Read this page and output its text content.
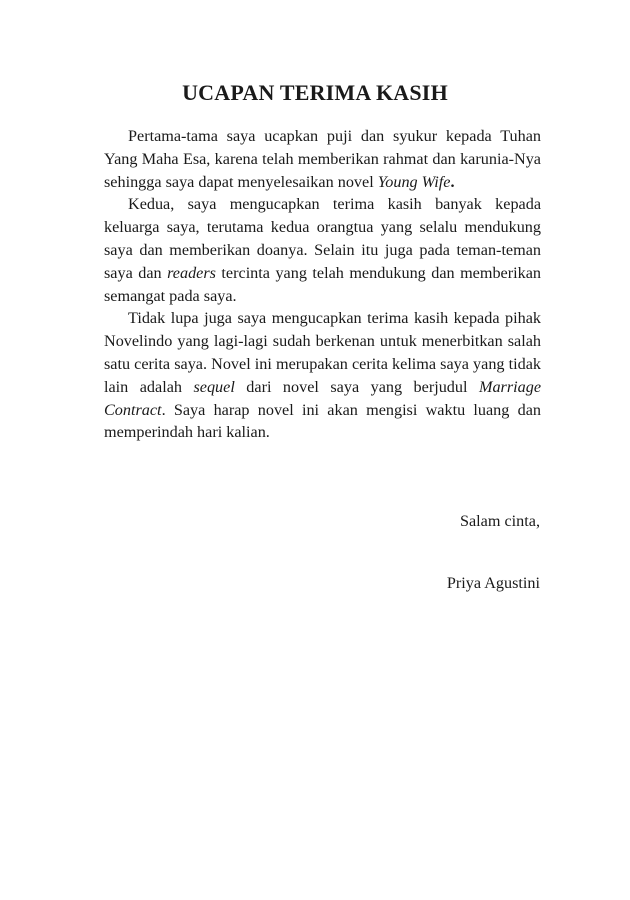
UCAPAN TERIMA KASIH

Pertama-tama saya ucapkan puji dan syukur kepada Tuhan Yang Maha Esa, karena telah memberikan rahmat dan karunia-Nya sehingga saya dapat menyelesaikan novel Young Wife.

Kedua, saya mengucapkan terima kasih banyak kepada keluarga saya, terutama kedua orangtua yang selalu mendukung saya dan memberikan doanya. Selain itu juga pada teman-teman saya dan readers tercinta yang telah mendukung dan memberikan semangat pada saya.

Tidak lupa juga saya mengucapkan terima kasih kepada pihak Novelindo yang lagi-lagi sudah berkenan untuk menerbitkan salah satu cerita saya. Novel ini merupakan cerita kelima saya yang tidak lain adalah sequel dari novel saya yang berjudul Marriage Contract. Saya harap novel ini akan mengisi waktu luang dan memperindah hari kalian.

Salam cinta,

Priya Agustini
